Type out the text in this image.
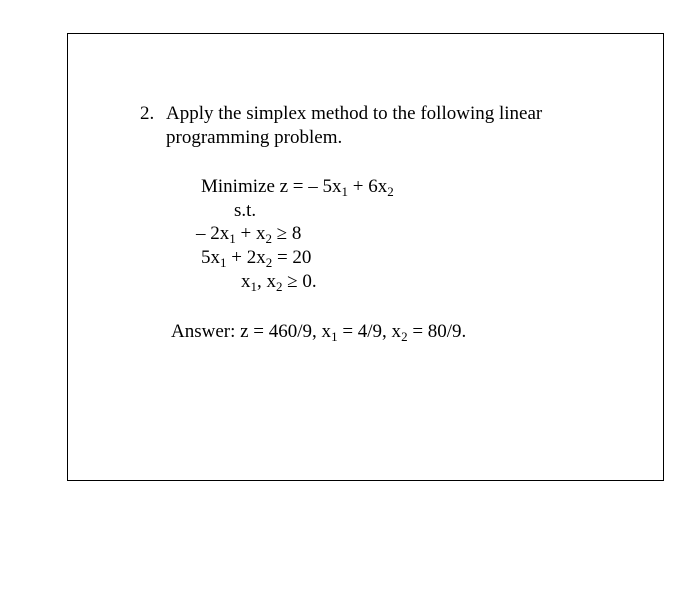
2. Apply the simplex method to the following linear
programming problem.
Minimize z = – $5x_1 + 6x_2$
s.t.
– $2x_1 + x_2 \ge 8$
$5x_1 + 2x_2 = 20$
$x_1$, $x_2 \ge 0$.
Answer: z = 460/9, $x_1 = 4/9$, $x_2 = 80/9$.
